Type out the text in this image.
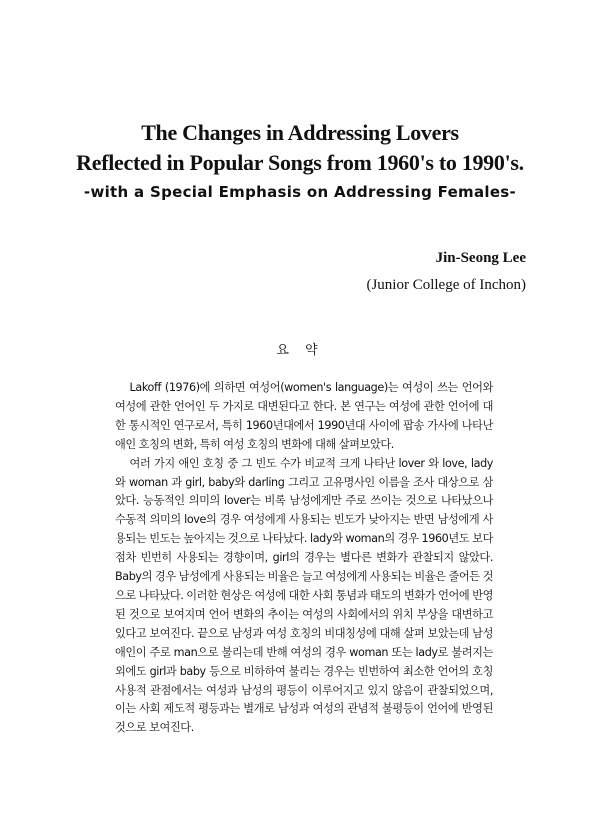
The Changes in Addressing Lovers
Reflected in Popular Songs from 1960's to 1990's.
-with a Special Emphasis on Addressing Females-
Jin-Seong Lee
(Junior College of Inchon)
요 약

Lakoff (1976)에 의하면 여성어(women's language)는 여성이 쓰는 언어와 여성에 관한 언어인 두 가지로 대변된다고 한다. 본 연구는 여성에 관한 언어에 대한 통시적인 연구로서, 특히 1960년대에서 1990년대 사이에 팝송 가사에 나타난 애인 호칭의 변화, 특히 여성 호칭의 변화에 대해 살펴보았다.

여러 가지 애인 호칭 중 그 빈도 수가 비교적 크게 나타난 lover 와 love, lady 와 woman 과 girl, baby와 darling 그리고 고유명사인 이름을 조사 대상으로 삼았다. 능동적인 의미의 lover는 비록 남성에게만 주로 쓰이는 것으로 나타났으나 수동적 의미의 love의 경우 여성에게 사용되는 빈도가 낮아지는 반면 남성에게 사용되는 빈도는 높아지는 것으로 나타났다. lady와 woman의 경우 1960년도 보다 점차 빈번히 사용되는 경향이며, girl의 경우는 별다른 변화가 관찰되지 않았다. Baby의 경우 남성에게 사용되는 비율은 늘고 여성에게 사용되는 비율은 줄어든 것으로 나타났다. 이러한 현상은 여성에 대한 사회 통념과 태도의 변화가 언어에 반영된 것으로 보여지며 언어 변화의 추이는 여성의 사회에서의 위치 부상을 대변하고 있다고 보여진다. 끝으로 남성과 여성 호칭의 비대칭성에 대해 살펴 보았는데 남성 애인이 주로 man으로 불리는데 반해 여성의 경우 woman 또는 lady로 불려지는 외에도 girl과 baby 등으로 비하하여 불리는 경우는 빈번하여 최소한 언어의 호칭 사용적 관점에서는 여성과 남성의 평등이 이루어지고 있지 않음이 관찰되었으며, 이는 사회 제도적 평등과는 별개로 남성과 여성의 관념적 불평등이 언어에 반영된 것으로 보여진다.
